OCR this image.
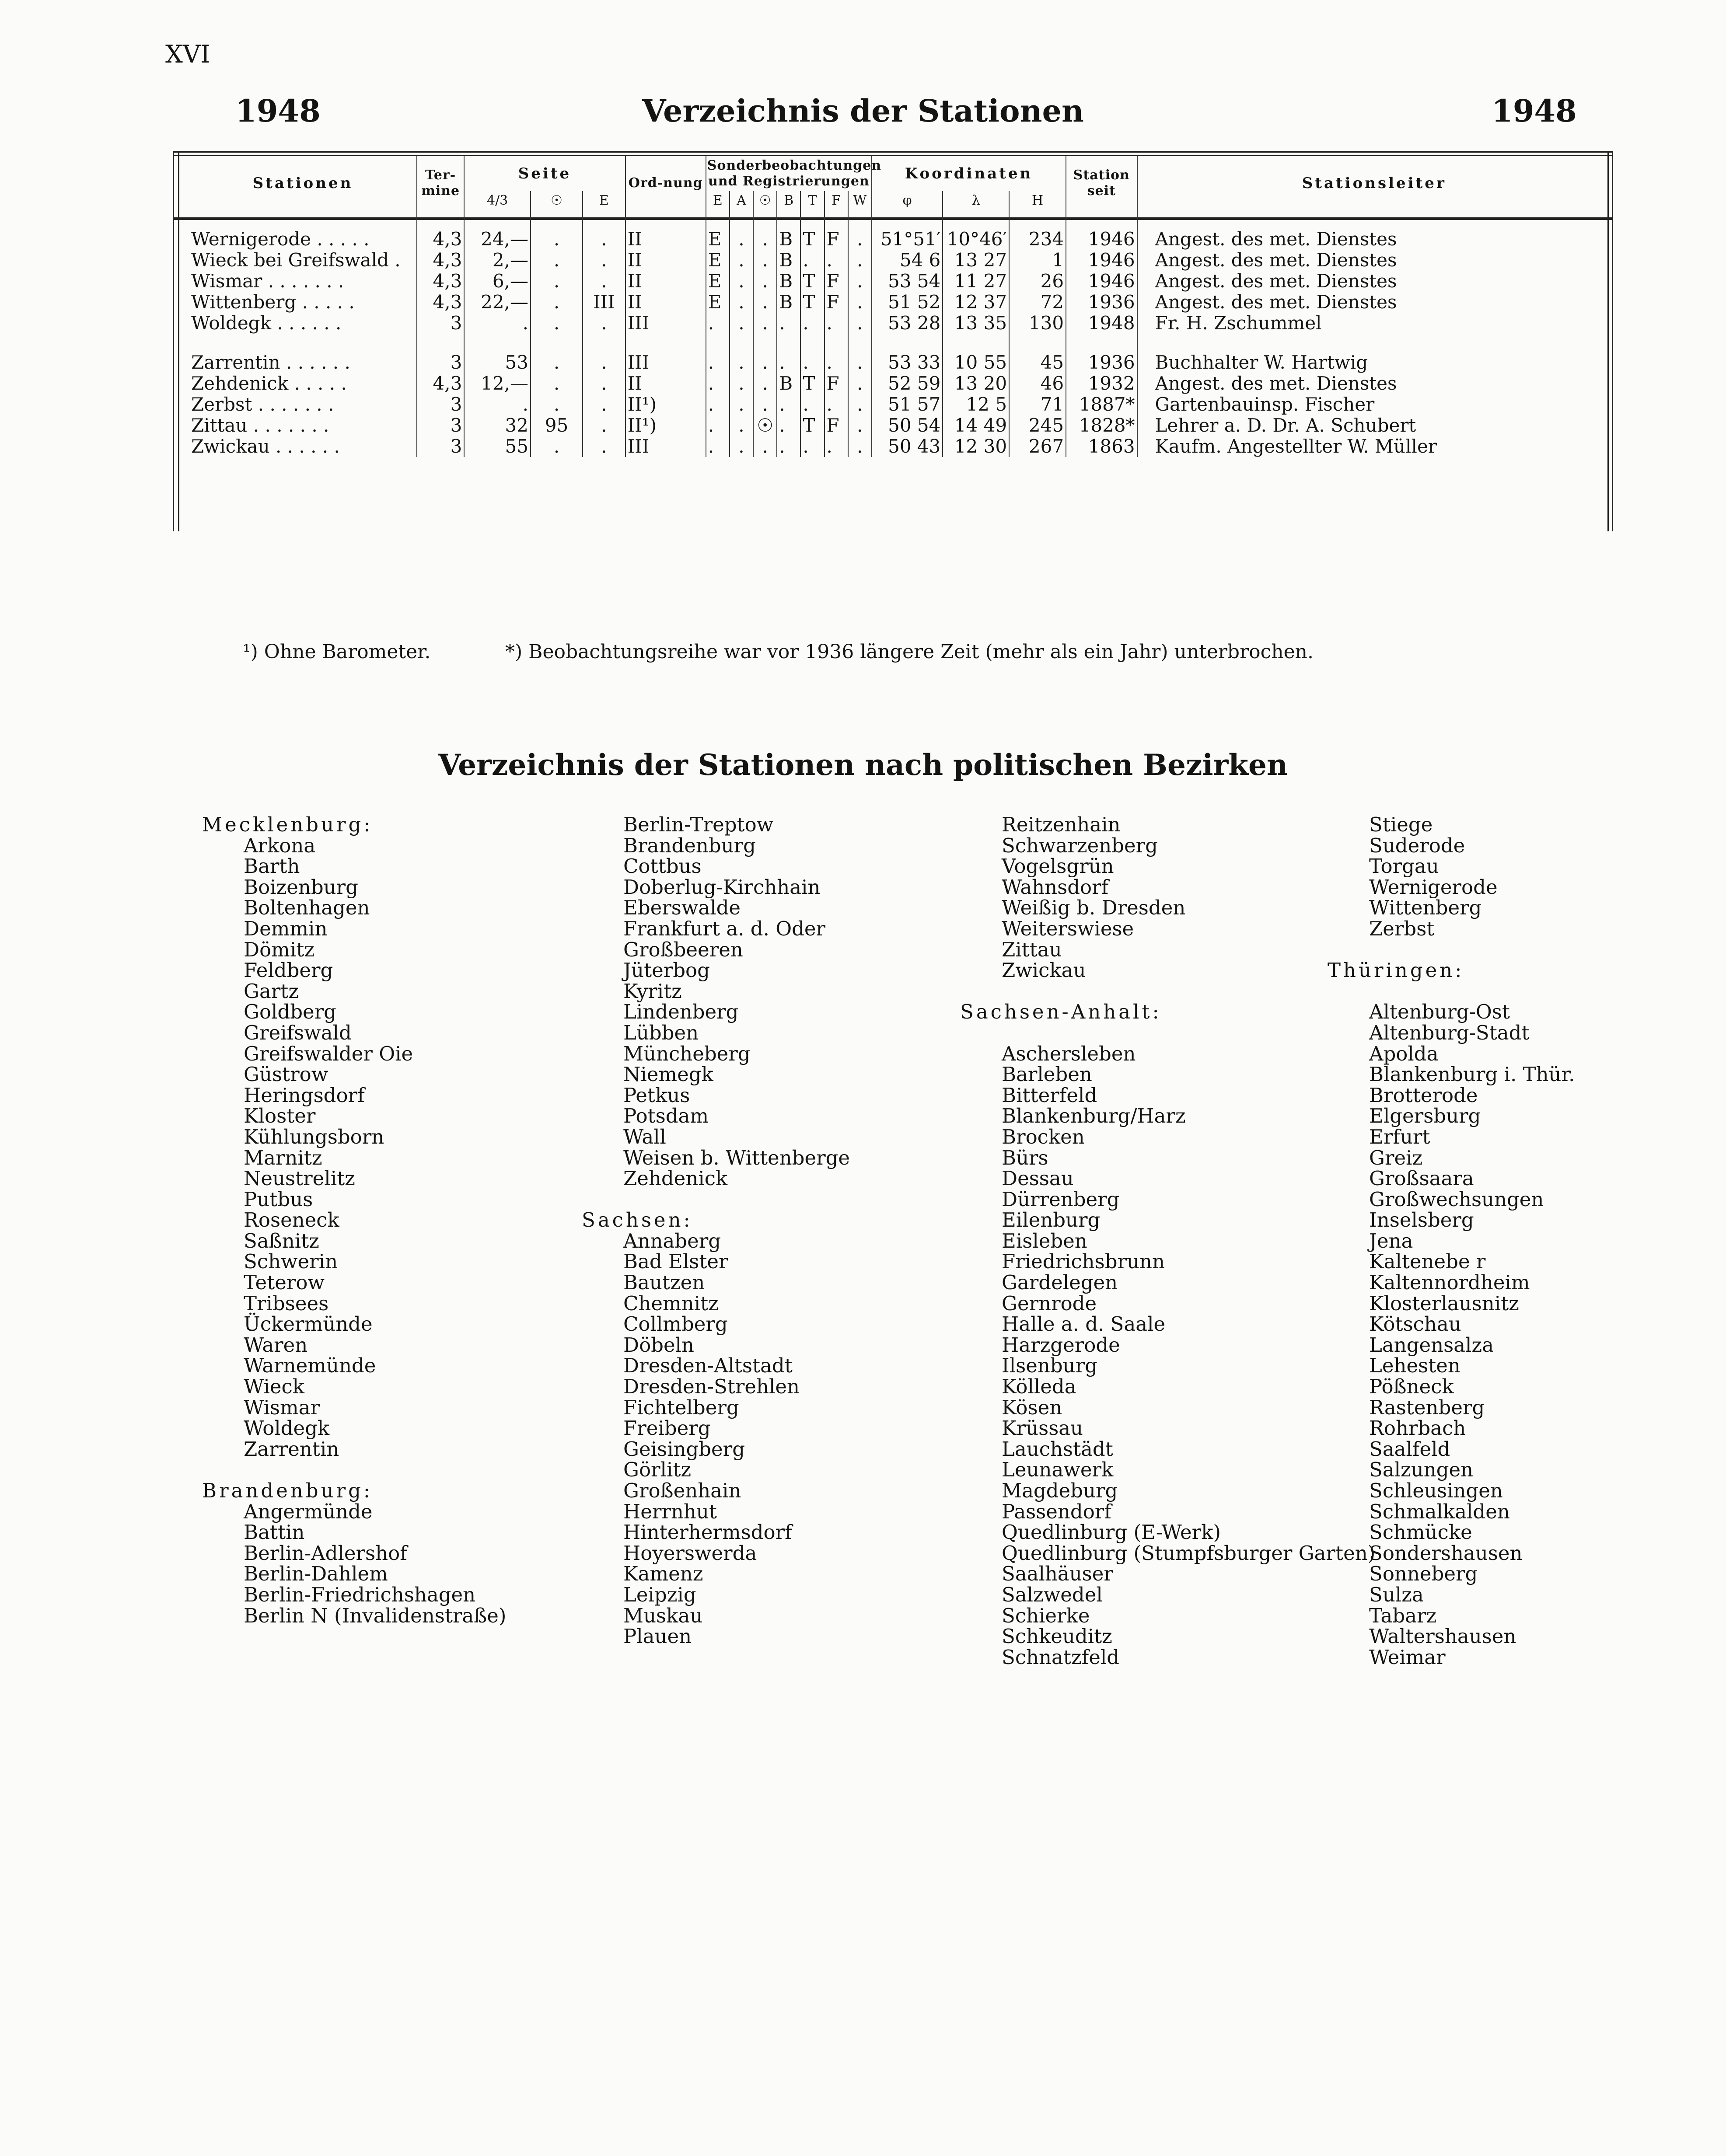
XVI
1948	Verzeichnis der Stationen	1948
Stationen	Ter-mine	Seite			Ord-nung	Sonderbeobachtungen und Registrierungen							Koordinaten			Station seit	Stationsleiter
		4/3	☉	E		E	A	☉	B	T	F	W	φ	λ	H		

Wernigerode . . . . .	4,3	24,—	.	.	II	E	.	.	B	T	F	.	51°51′	10°46′	234	1946	Angest. des met. Dienstes
Wieck bei Greifswald .	4,3	2,—	.	.	II	E	.	.	B	.	.	.	54 6	13 27	1	1946	Angest. des met. Dienstes
Wismar . . . . . . .	4,3	6,—	.	.	II	E	.	.	B	T	F	.	53 54	11 27	26	1946	Angest. des met. Dienstes
Wittenberg . . . . .	4,3	22,—	.	III	II	E	.	.	B	T	F	.	51 52	12 37	72	1936	Angest. des met. Dienstes
Woldegk . . . . . .	3	.	.	.	III	.	.	.	.	.	.	.	53 28	13 35	130	1948	Fr. H. Zschummel

Zarrentin . . . . . .	3	53	.	.	III	.	.	.	.	.	.	.	53 33	10 55	45	1936	Buchhalter W. Hartwig
Zehdenick . . . . .	4,3	12,—	.	.	II	.	.	.	B	T	F	.	52 59	13 20	46	1932	Angest. des met. Dienstes
Zerbst . . . . . . .	3	.	.	.	II¹)	.	.	.	.	.	.	.	51 57	12 5	71	1887*	Gartenbauinsp. Fischer
Zittau . . . . . . .	3	32	95	.	II¹)	.	.	☉	.	T	F	.	50 54	14 49	245	1828*	Lehrer a. D. Dr. A. Schubert
Zwickau . . . . . .	3	55	.	.	III	.	.	.	.	.	.	.	50 43	12 30	267	1863	Kaufm. Angestellter W. Müller
¹) Ohne Barometer.	*) Beobachtungsreihe war vor 1936 längere Zeit (mehr als ein Jahr) unterbrochen.
Verzeichnis der Stationen nach politischen Bezirken
Mecklenburg:
Arkona
Barth
Boizenburg
Boltenhagen
Demmin
Dömitz
Feldberg
Gartz
Goldberg
Greifswald
Greifswalder Oie
Güstrow
Heringsdorf
Kloster
Kühlungsborn
Marnitz
Neustrelitz
Putbus
Roseneck
Saßnitz
Schwerin
Teterow
Tribsees
Ückermünde
Waren
Warnemünde
Wieck
Wismar
Woldegk
Zarrentin
Brandenburg:
Angermünde
Battin
Berlin-Adlershof
Berlin-Dahlem
Berlin-Friedrichshagen
Berlin N (Invalidenstraße)
Berlin-Treptow
Brandenburg
Cottbus
Doberlug-Kirchhain
Eberswalde
Frankfurt a. d. Oder
Großbeeren
Jüterbog
Kyritz
Lindenberg
Lübben
Müncheberg
Niemegk
Petkus
Potsdam
Wall
Weisen b. Wittenberge
Zehdenick
Sachsen:
Annaberg
Bad Elster
Bautzen
Chemnitz
Collmberg
Döbeln
Dresden-Altstadt
Dresden-Strehlen
Fichtelberg
Freiberg
Geisingberg
Görlitz
Großenhain
Herrnhut
Hinterhermsdorf
Hoyerswerda
Kamenz
Leipzig
Muskau
Plauen
Reitzenhain
Schwarzenberg
Vogelsgrün
Wahnsdorf
Weißig b. Dresden
Weiterswiese
Zittau
Zwickau
Sachsen-Anhalt:
Aschersleben
Barleben
Bitterfeld
Blankenburg/Harz
Brocken
Bürs
Dessau
Dürrenberg
Eilenburg
Eisleben
Friedrichsbrunn
Gardelegen
Gernrode
Halle a. d. Saale
Harzgerode
Ilsenburg
Kölleda
Kösen
Krüssau
Lauchstädt
Leunawerk
Magdeburg
Passendorf
Quedlinburg (E-Werk)
Quedlinburg (Stumpfsburger Garten)
Saalhäuser
Salzwedel
Schierke
Schkeuditz
Schnatzfeld
Stiege
Suderode
Torgau
Wernigerode
Wittenberg
Zerbst
Thüringen:
Altenburg-Ost
Altenburg-Stadt
Apolda
Blankenburg i. Thür.
Brotterode
Elgersburg
Erfurt
Greiz
Großsaara
Großwechsungen
Inselsberg
Jena
Kaltenebe r
Kaltennordheim
Klosterlausnitz
Kötschau
Langensalza
Lehesten
Pößneck
Rastenberg
Rohrbach
Saalfeld
Salzungen
Schleusingen
Schmalkalden
Schmücke
Sondershausen
Sonneberg
Sulza
Tabarz
Waltershausen
Weimar
